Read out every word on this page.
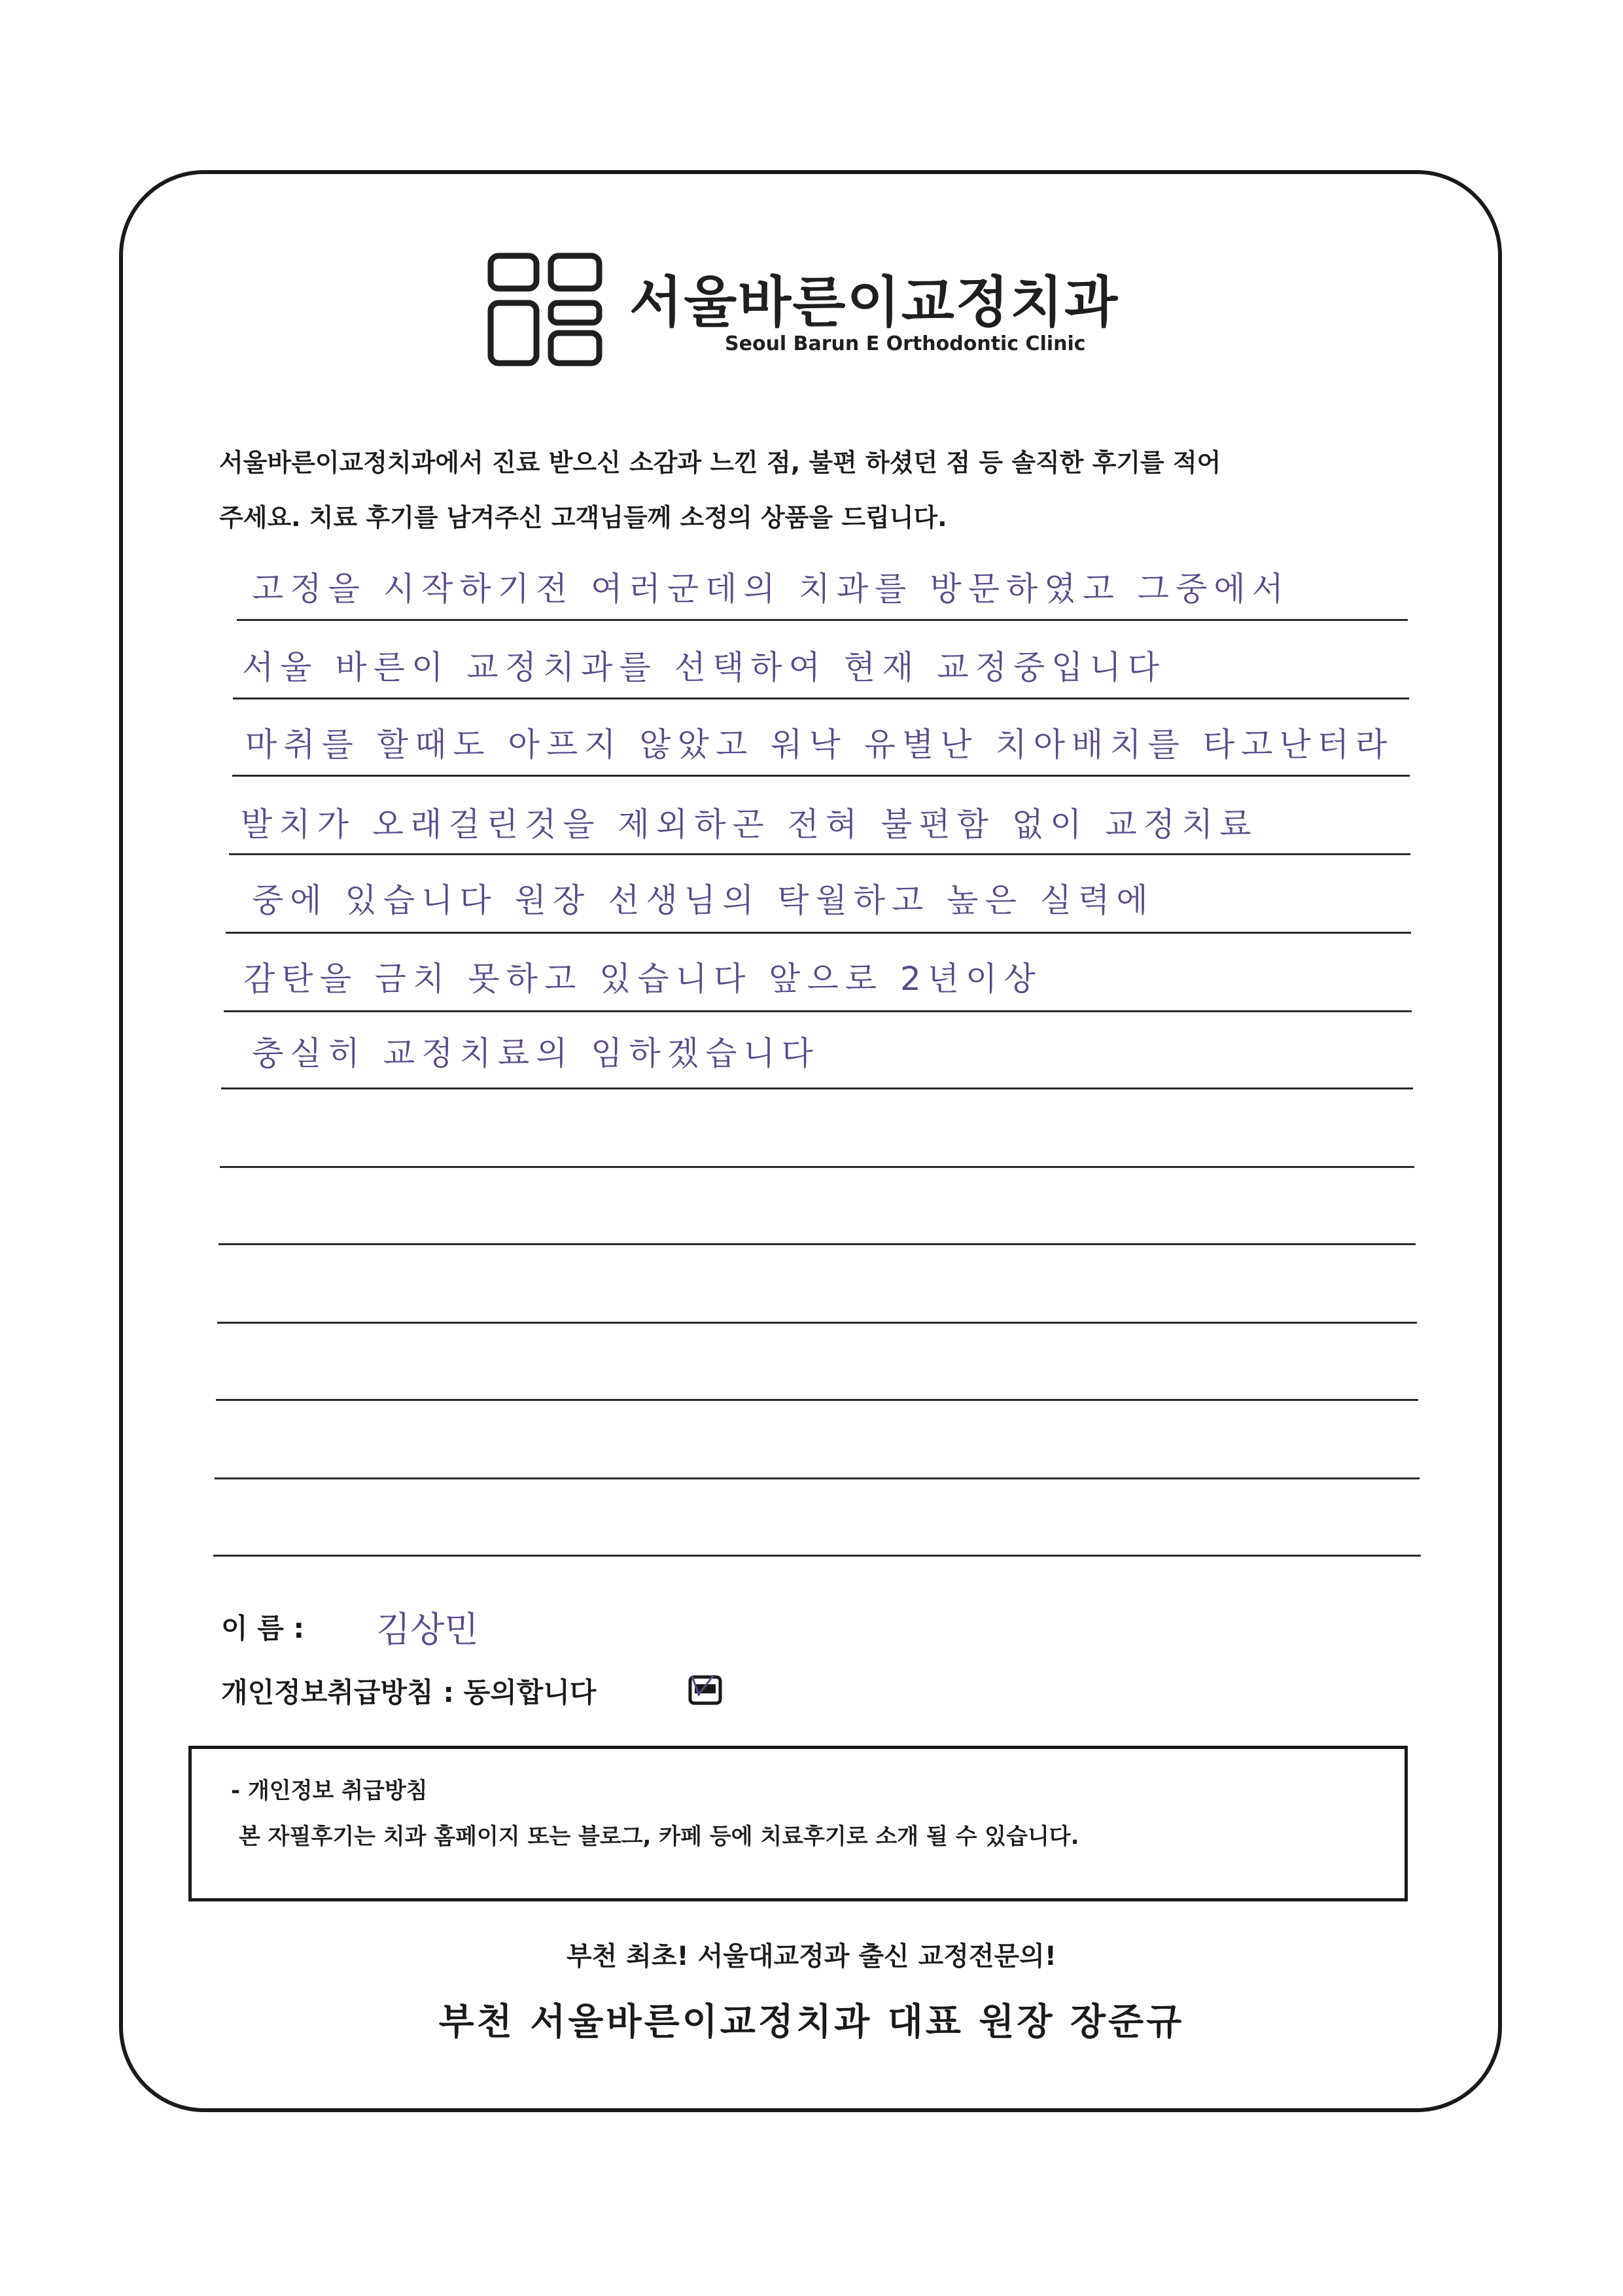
서울바른이교정치과
Seoul Barun E Orthodontic Clinic
서울바른이교정치과에서 진료 받으신 소감과 느낀 점, 불편 하셨던 점 등 솔직한 후기를 적어
주세요. 치료 후기를 남겨주신 고객님들께 소정의 상품을 드립니다.
고정을 시작하기전 여러군데의 치과를 방문하였고 그중에서
서울 바른이 교정치과를 선택하여 현재 교정중입니다
마취를 할때도 아프지 않았고 워낙 유별난 치아배치를 타고난터라
발치가 오래걸린것을 제외하곤 전혀 불편함 없이 교정치료
중에 있습니다 원장 선생님의 탁월하고 높은 실력에
감탄을 금치 못하고 있습니다 앞으로 2년이상
충실히 교정치료의 임하겠습니다
이 름 : 김상민
개인정보취급방침 : 동의합니다
- 개인정보 취급방침
본 자필후기는 치과 홈페이지 또는 블로그, 카페 등에 치료후기로 소개 될 수 있습니다.
부천 최초! 서울대교정과 출신 교정전문의!
부천 서울바른이교정치과 대표 원장 장준규
